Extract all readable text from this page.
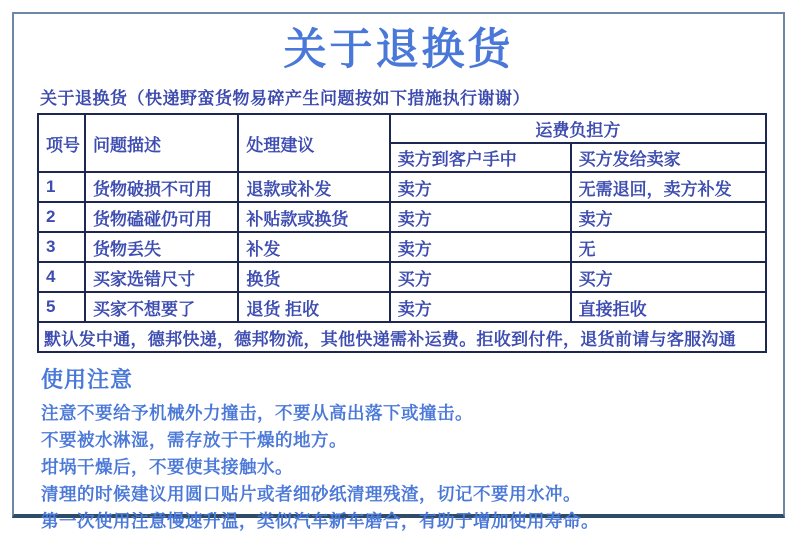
关于退换货
关于退换货（快递野蛮货物易碎产生问题按如下措施执行谢谢）
项号	问题描述	处理建议	运费负担方	
			卖方到客户手中	买方发给卖家
1	货物破损不可用	退款或补发	卖方	无需退回，卖方补发
2	货物磕碰仍可用	补贴款或换货	卖方	卖方
3	货物丢失	补发	卖方	无
4	买家选错尺寸	换货	买方	买方
5	买家不想要了	退货 拒收	卖方	直接拒收
默认发中通，德邦快递，德邦物流，其他快递需补运费。拒收到付件，退货前请与客服沟通				
使用注意
注意不要给予机械外力撞击，不要从高出落下或撞击。
不要被水淋湿，需存放于干燥的地方。
坩埚干燥后，不要使其接触水。
清理的时候建议用圆口贴片或者细砂纸清理残渣，切记不要用水冲。
第一次使用注意慢速升温，类似汽车新车磨合，有助于增加使用寿命。
